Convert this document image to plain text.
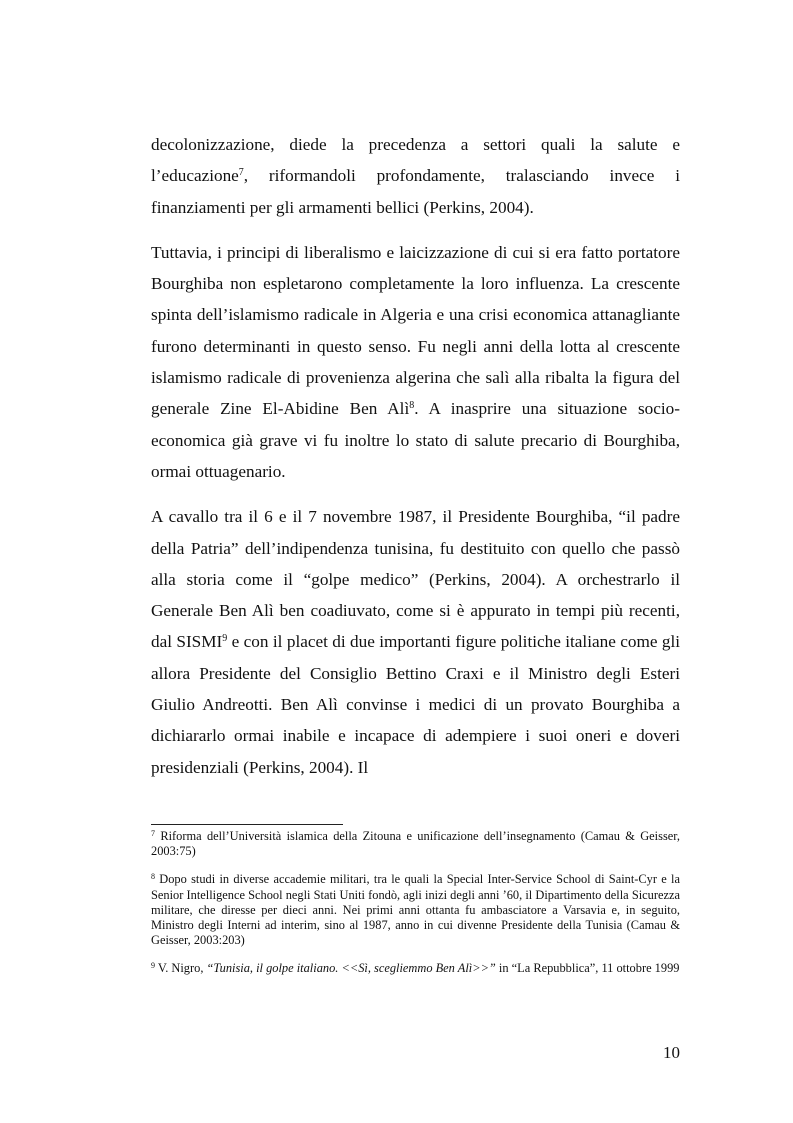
decolonizzazione, diede la precedenza a settori quali la salute e l’educazione$^7$, riformandoli profondamente, tralasciando invece i finanziamenti per gli armamenti bellici (Perkins, 2004).

Tuttavia, i principi di liberalismo e laicizzazione di cui si era fatto portatore Bourghiba non espletarono completamente la loro influenza. La crescente spinta dell’islamismo radicale in Algeria e una crisi economica attanagliante furono determinanti in questo senso. Fu negli anni della lotta al crescente islamismo radicale di provenienza algerina che salì alla ribalta la figura del generale Zine El-Abidine Ben Alì$^8$. A inasprire una situazione socio-economica già grave vi fu inoltre lo stato di salute precario di Bourghiba, ormai ottuagenario.

A cavallo tra il 6 e il 7 novembre 1987, il Presidente Bourghiba, “il padre della Patria” dell’indipendenza tunisina, fu destituito con quello che passò alla storia come il “golpe medico” (Perkins, 2004). A orchestrarlo il Generale Ben Alì ben coadiuvato, come si è appurato in tempi più recenti, dal SISMI$^9$ e con il placet di due importanti figure politiche italiane come gli allora Presidente del Consiglio Bettino Craxi e il Ministro degli Esteri Giulio Andreotti. Ben Alì convinse i medici di un provato Bourghiba a dichiararlo ormai inabile e incapace di adempiere i suoi oneri e doveri presidenziali (Perkins, 2004). Il

$^7$ Riforma dell’Università islamica della Zitouna e unificazione dell’insegnamento (Camau & Geisser, 2003:75)
$^8$ Dopo studi in diverse accademie militari, tra le quali la Special Inter-Service School di Saint-Cyr e la Senior Intelligence School negli Stati Uniti fondò, agli inizi degli anni ’60, il Dipartimento della Sicurezza militare, che diresse per dieci anni. Nei primi anni ottanta fu ambasciatore a Varsavia e, in seguito, Ministro degli Interni ad interim, sino al 1987, anno in cui divenne Presidente della Tunisia (Camau & Geisser, 2003:203)
$^9$ V. Nigro, “Tunisia, il golpe italiano. <<Sì, scegliemmo Ben Alì>>” in “La Repubblica”, 11 ottobre 1999
10
